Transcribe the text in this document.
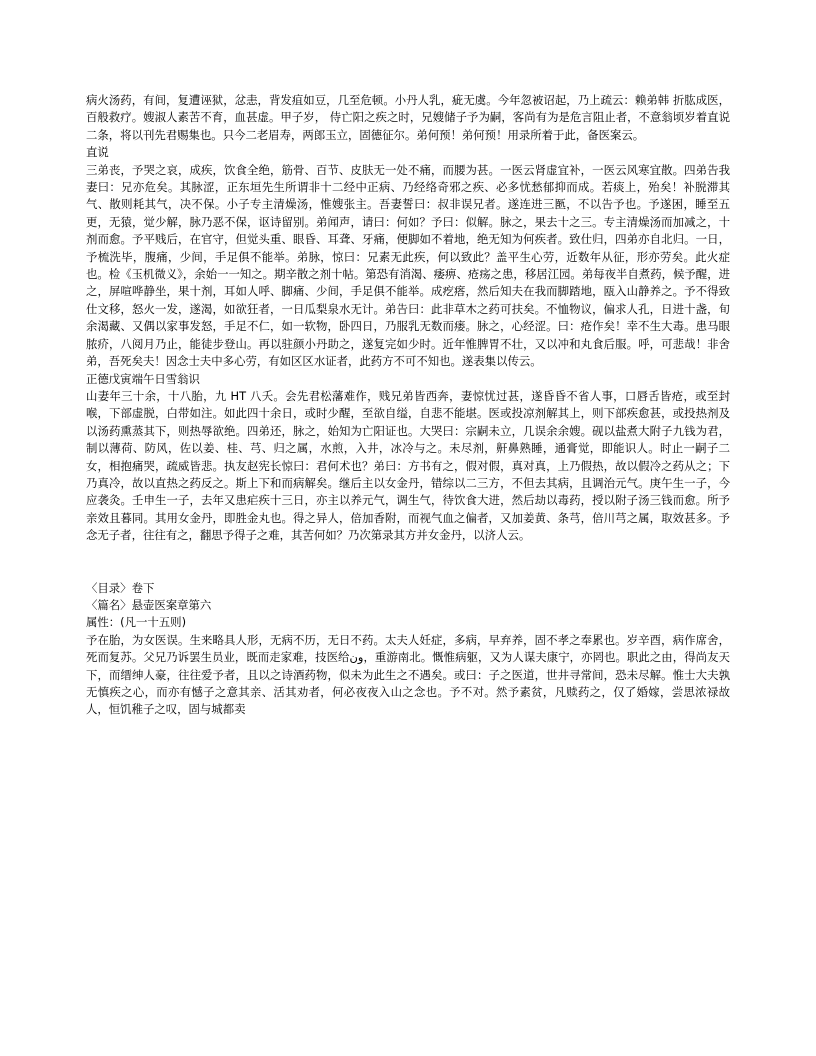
病火汤药，有间，复遭诬狱，忿恚，背发疽如豆，几至危顿。小丹人乳，疵无虞。今年忽被诏起，乃上疏云：赖弟韩 折肱成医，百般救疗。嫂淑人素苦不育，血甚虚。甲子岁， 侍亡阳之疾之时，兄嫂储子予为嗣，客尚有为是危言阻止者，不意翁顷岁着直说二条，将以刊先君赐集也。只今二老眉寿，两郎玉立，固德征尔。弟何预！弟何预！用录所着于此，备医案云。

直说

三弟丧，予哭之哀，成疾，饮食全绝，筋骨、百节、皮肤无一处不痛，而腰为甚。一医云肾虚宜补，一医云风寒宜散。四弟告我妻曰：兄亦危矣。其脉涩，正东垣先生所谓非十二经中正病、乃经络奇邪之疾、必多忧愁郁抑而成。若痰上，殆矣！补脱滞其气、散则耗其气，决不保。小子专主清燥汤，惟嫂张主。吾妻誓曰：叔非误兄者。遂连进三匦，不以告予也。予遂困，睡至五更，无猿，觉少解，脉乃恶不保，讴诗留别。弟闻声，请曰：何如？予曰：似解。脉之，果去十之三。专主清燥汤而加减之，十剂而愈。予平贱后，在官守，但觉头重、眼昏、耳聋、牙痛，便脚如不着地，绝无知为何疾者。致仕归，四弟亦自北归。一日，予梳洗毕，腹痛，少间，手足俱不能举。弟脉，惊曰：兄素无此疾，何以致此？盖平生心劳，近数年从征，形亦劳矣。此火症也。检《玉机微义》，余始一一知之。期辛散之剂十帖。第恐有消渴、痿痹、疮疡之患，移居江园。弟每夜半自煮药，候予醒，进之，屏喧哗静坐，果十剂，耳如人呼、脚痛、少间，手足俱不能举。成疙瘩，然后知夫在我而脚踏地，瓯入山静养之。予不得致仕文移，怒火一发，遂渴，如欲狂者，一日瓜梨泉水无计。弟告曰：此非草木之药可扶矣。不恤物议，偏求人孔，日进十盏，旬余渴藏、又偶以家事发怒，手足不仁，如一软物，卧四日，乃服乳无数而瘘。脉之，心经涩。曰：疮作矣！幸不生大毒。患马眼脓疥，八阅月乃止，能徒步登山。再以驻颜小丹助之，遂复完如少时。近年惟脾胃不壮，又以冲和丸食后服。呼，可悲哉！非舍弟，吾死矣夫！因念士夫中多心劳，有如区区水证者，此药方不可不知也。遂表集以传云。

正德戊寅端午日雪翁识

山妻年三十余，十八胎，九 HT 八夭。会先君松藩难作，贱兄弟皆西奔，妻惊忧过甚，遂昏昏不省人事，口唇舌皆疮，或至封喉，下部虚脱，白带如注。如此四十余日，或时少醒，至欲自缢，自悲不能堪。医或投凉剂解其上，则下部疾愈甚，或投热剂及以汤药熏蒸其下，则热辱欲绝。四弟还，脉之，始知为亡阳证也。大哭曰：宗嗣未立，几误余余嫂。砚以盐煮大附子九钱为君，制以薄荷、防风，佐以姜、桂、芎、归之属，水煎，入井，冰冷与之。未尽剂，鼾鼻熟睡，通膏觉，即能识人。时止一嗣子二女，相抱痛哭，疏威皆悲。执友赵宪长惊曰：君何术也？弟曰：方书有之，假对假，真对真，上乃假热，故以假冷之药从之；下乃真冷，故以直热之药反之。斯上下和而病解矣。继后主以女金丹，错综以二三方，不但去其病，且调治元气。庚午生一子，今应袭灸。壬申生一子，去年又患疟疾十三日，亦主以养元气，调生气，待饮食大进，然后劫以毒药，授以附子汤三钱而愈。所予亲效且暮同。其用女金丹，即胜金丸也。得之异人，倍加香附，而视气血之偏者，又加姜黄、条芎，倍川芎之属，取效甚多。予念无子者，往往有之，翻思予得子之难，其苦何如？乃次第录其方并女金丹，以济人云。

〈目录〉卷下

〈篇名〉悬壶医案章第六

属性：(凡一十五则)

予在胎，为女医误。生来略具人形，无病不历，无日不药。太夫人妊症，多病，早弃养，固不孝之奉累也。岁辛酉，病作席舍，死而复苏。父兄乃诉罢生员业，既而走家难，技医给ون，重游南北。慨惟病躯，又为人谋夫康宁，亦罔也。职此之由，得尚友天下，而缙绅人豪，往往爱予者，且以之诗酒药物，似未为此生之不遇矣。或曰：子之医道，世井寻常间，恐未尽解。惟士大夫孰无慎疾之心，而亦有憾子之意其亲、活其劝者，何必夜夜入山之念也。予不对。然予素贫，凡赎药之，仅了婚嫁，尝思浓禄故人，恒饥稚子之叹，固与城都卖
